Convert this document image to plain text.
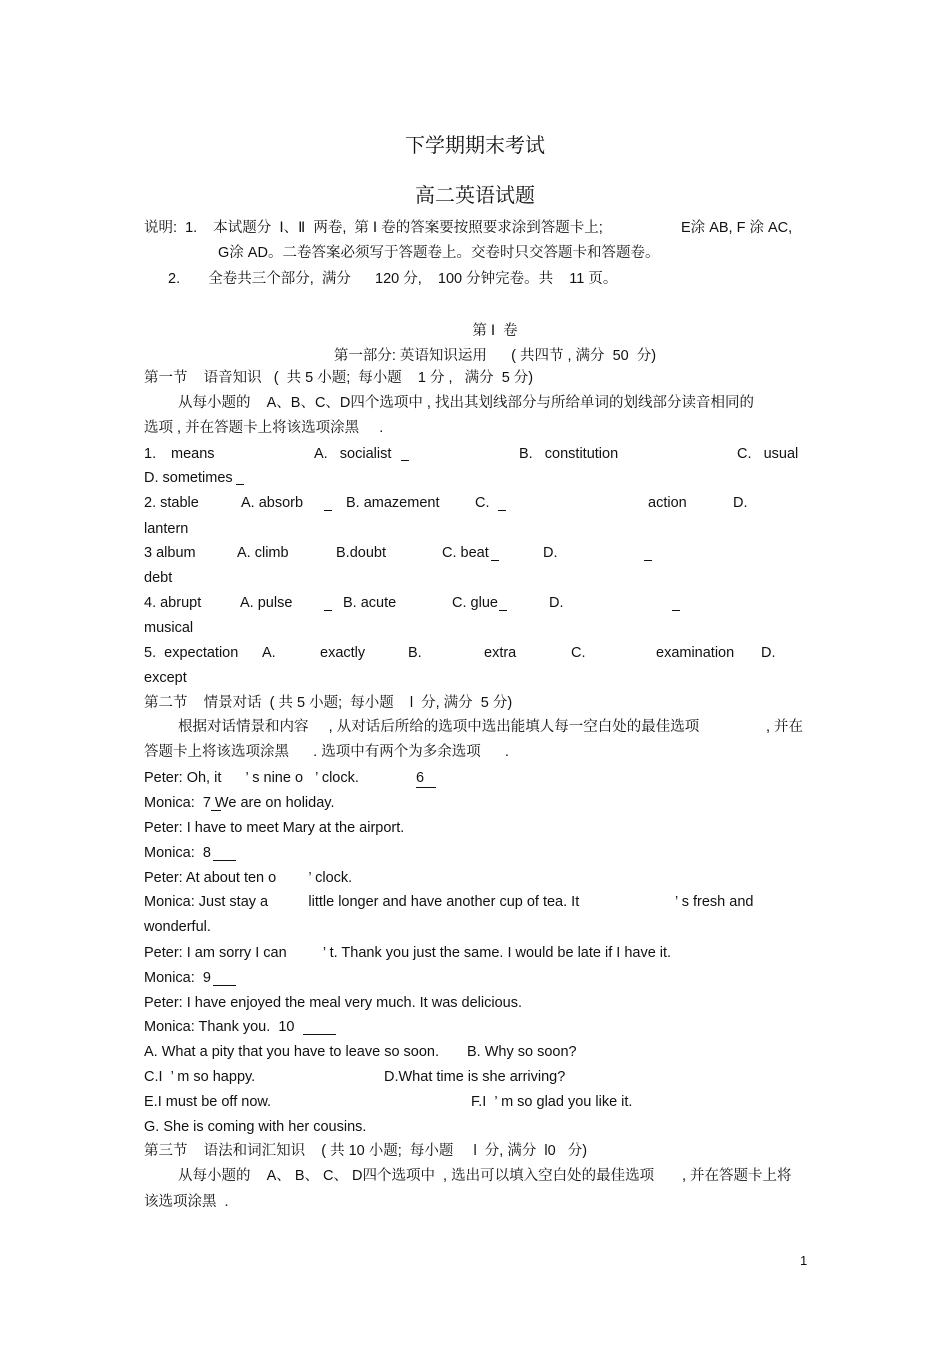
下学期期末考试
高二英语试题
说明:  1.    本试题分  Ⅰ、Ⅱ  两卷,  第 Ⅰ 卷的答案要按照要求涂到答题卡上;	E涂 AB, F 涂 AC,
G涂 AD。二卷答案必须写于答题卷上。交卷时只交答题卡和答题卷。
2.       全卷共三个部分,  满分      120 分,    100 分钟完卷。共    11 页。
第 Ⅰ  卷
第一部分: 英语知识运用      ( 共四节 , 满分  50  分)
第一节    语音知识   (  共 5 小题;  每小题    1 分 ,   满分  5 分)
从每小题的    A、B、C、D四个选项中 , 找出其划线部分与所给单词的划线部分读音相同的
选项 , 并在答题卡上将该选项涂黑     .
1. means	A.   socialist	B.   constitution	C.   usual
D. sometimes
2. stable	A. absorb	B. amazement C.	action	D.
lantern
3 album	A. climb	B.doubt	C. beat	D.
debt
4. abrupt	A. pulse	B. acute	C. glue	D.
musical
5.  expectation A.	exactly	B.	extra	C.	examination D.
except
第二节    情景对话  ( 共 5 小题;  每小题    l  分, 满分  5 分)
根据对话情景和内容     , 从对话后所给的选项中选出能填人每一空白处的最佳选项	, 并在
答题卡上将该选项涂黑      . 选项中有两个为多余选项      .
Peter: Oh, it      ’ s nine o   ’ clock.	6
Monica:  7 We are on holiday.
Peter: I have to meet Mary at the airport.
Monica:  8
Peter: At about ten o        ’ clock.
Monica: Just stay a          little longer and have another cup of tea. It	’ s fresh and
wonderful.
Peter: I am sorry I can         ’ t. Thank you just the same. I would be late if I have it.
Monica:  9
Peter: I have enjoyed the meal very much. It was delicious.
Monica: Thank you.  10
A. What a pity that you have to leave so soon. B. Why so soon?
C.I  ’ m so happy.	D.What time is she arriving?
E.I must be off now.	F.I  ’ m so glad you like it.
G. She is coming with her cousins.
第三节    语法和词汇知识    ( 共 10 小题;  每小题     l  分, 满分  l0   分)
从每小题的    A、 B、 C、 D四个选项中  , 选出可以填入空白处的最佳选项 , 并在答题卡上将
该选项涂黑  .
1
